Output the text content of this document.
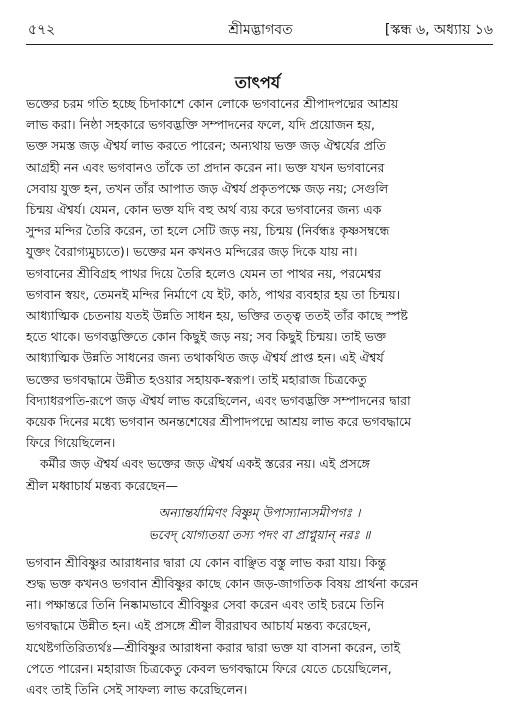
৫৭২	শ্রীমদ্ভাগবত	[স্কন্ধ ৬, অধ্যায় ১৬
তাৎপর্য
ভক্তের চরম গতি হচ্ছে চিদাকাশে কোন লোকে ভগবানের শ্রীপাদপদ্মের আশ্রয়
লাভ করা। নিষ্ঠা সহকারে ভগবদ্ভক্তি সম্পাদনের ফলে, যদি প্রয়োজন হয়,
ভক্ত সমস্ত জড় ঐশ্বর্য লাভ করতে পারেন; অন্যথায় ভক্ত জড় ঐশ্বর্যের প্রতি
আগ্রহী নন এবং ভগবানও তাঁকে তা প্রদান করেন না। ভক্ত যখন ভগবানের
সেবায় যুক্ত হন, তখন তাঁর আপাত জড় ঐশ্বর্য প্রকৃতপক্ষে জড় নয়; সেগুলি
চিন্ময় ঐশ্বর্য। যেমন, কোন ভক্ত যদি বহু অর্থ ব্যয় করে ভগবানের জন্য এক
সুন্দর মন্দির তৈরি করেন, তা হলে সেটি জড় নয়, চিন্ময় (নির্বন্ধঃ কৃষ্ণসম্বন্ধে
যুক্তং বৈরাগ্যমুচ্যতে)। ভক্তের মন কখনও মন্দিরের জড় দিকে যায় না।
ভগবানের শ্রীবিগ্রহ পাথর দিয়ে তৈরি হলেও যেমন তা পাথর নয়, পরমেশ্বর
ভগবান স্বয়ং, তেমনই মন্দির নির্মাণে যে ইট, কাঠ, পাথর ব্যবহার হয় তা চিন্ময়।
আধ্যাত্মিক চেতনায় যতই উন্নতি সাধন হয়, ভক্তির তত্ত্ব ততই তাঁর কাছে স্পষ্ট
হতে থাকে। ভগবদ্ভক্তিতে কোন কিছুই জড় নয়; সব কিছুই চিন্ময়। তাই ভক্ত
আধ্যাত্মিক উন্নতি সাধনের জন্য তথাকথিত জড় ঐশ্বর্য প্রাপ্ত হন। এই ঐশ্বর্য
ভক্তের ভগবদ্ধামে উন্নীত হওয়ার সহায়ক-স্বরূপ। তাই মহারাজ চিত্রকেতু
বিদ্যাধরপতি-রূপে জড় ঐশ্বর্য লাভ করেছিলেন, এবং ভগবদ্ভক্তি সম্পাদনের দ্বারা
কয়েক দিনের মধ্যে ভগবান অনন্তশেষের শ্রীপাদপদ্মে আশ্রয় লাভ করে ভগবদ্ধামে
ফিরে গিয়েছিলেন।
কর্মীর জড় ঐশ্বর্য এবং ভক্তের জড় ঐশ্বর্য একই স্তরের নয়। এই প্রসঙ্গে
শ্রীল মধ্বাচার্য মন্তব্য করেছেন—
অন্যান্তর্যামিণং বিষ্ণুম্ উপাস্যান্যসমীপগঃ ।
ভবেদ্ যোগ্যতয়া তস্য পদং বা প্রাপ্নুয়ান্ নরঃ ॥
ভগবান শ্রীবিষ্ণুর আরাধনার দ্বারা যে কোন বাঞ্ছিত বস্তু লাভ করা যায়। কিন্তু
শুদ্ধ ভক্ত কখনও ভগবান শ্রীবিষ্ণুর কাছে কোন জড়-জাগতিক বিষয় প্রার্থনা করেন
না। পক্ষান্তরে তিনি নিষ্কামভাবে শ্রীবিষ্ণুর সেবা করেন এবং তাই চরমে তিনি
ভগবদ্ধামে উন্নীত হন। এই প্রসঙ্গে শ্রীল বীররাঘব আচার্য মন্তব্য করেছেন,
যথেষ্টগতিরিত্যর্থঃ—শ্রীবিষ্ণুর আরাধনা করার দ্বারা ভক্ত যা বাসনা করেন, তাই
পেতে পারেন। মহারাজ চিত্রকেতু কেবল ভগবদ্ধামে ফিরে যেতে চেয়েছিলেন,
এবং তাই তিনি সেই সাফল্য লাভ করেছিলেন।
